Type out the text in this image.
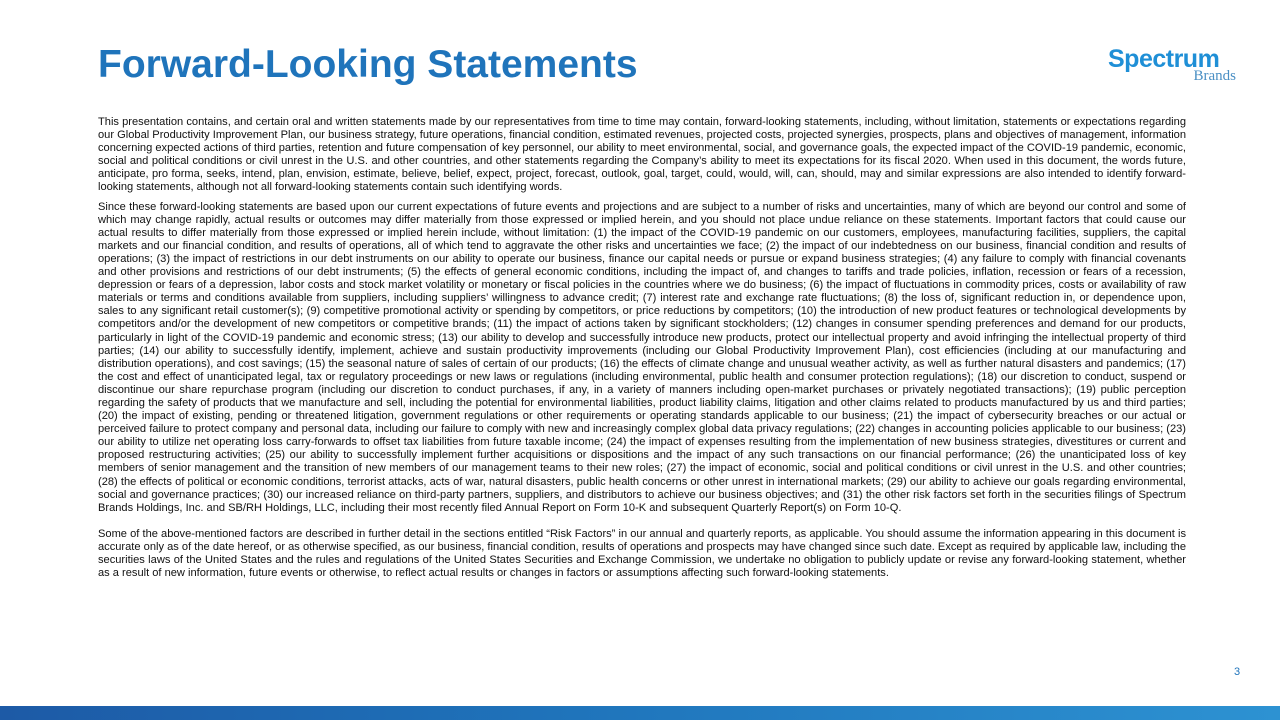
Forward-Looking Statements	Spectrum
Brands

This presentation contains, and certain oral and written statements made by our representatives from time to time may contain, forward-looking statements, including, without limitation, statements or expectations regarding our Global Productivity Improvement Plan, our business strategy, future operations, financial condition, estimated revenues, projected costs, projected synergies, prospects, plans and objectives of management, information concerning expected actions of third parties, retention and future compensation of key personnel, our ability to meet environmental, social, and governance goals, the expected impact of the COVID-19 pandemic, economic, social and political conditions or civil unrest in the U.S. and other countries, and other statements regarding the Company’s ability to meet its expectations for its fiscal 2020. When used in this document, the words future, anticipate, pro forma, seeks, intend, plan, envision, estimate, believe, belief, expect, project, forecast, outlook, goal, target, could, would, will, can, should, may and similar expressions are also intended to identify forward-looking statements, although not all forward-looking statements contain such identifying words.

Since these forward-looking statements are based upon our current expectations of future events and projections and are subject to a number of risks and uncertainties, many of which are beyond our control and some of which may change rapidly, actual results or outcomes may differ materially from those expressed or implied herein, and you should not place undue reliance on these statements. Important factors that could cause our actual results to differ materially from those expressed or implied herein include, without limitation: (1) the impact of the COVID-19 pandemic on our customers, employees, manufacturing facilities, suppliers, the capital markets and our financial condition, and results of operations, all of which tend to aggravate the other risks and uncertainties we face; (2) the impact of our indebtedness on our business, financial condition and results of operations; (3) the impact of restrictions in our debt instruments on our ability to operate our business, finance our capital needs or pursue or expand business strategies; (4) any failure to comply with financial covenants and other provisions and restrictions of our debt instruments; (5) the effects of general economic conditions, including the impact of, and changes to tariffs and trade policies, inflation, recession or fears of a recession, depression or fears of a depression, labor costs and stock market volatility or monetary or fiscal policies in the countries where we do business; (6) the impact of fluctuations in commodity prices, costs or availability of raw materials or terms and conditions available from suppliers, including suppliers’ willingness to advance credit; (7) interest rate and exchange rate fluctuations; (8) the loss of, significant reduction in, or dependence upon, sales to any significant retail customer(s); (9) competitive promotional activity or spending by competitors, or price reductions by competitors; (10) the introduction of new product features or technological developments by competitors and/or the development of new competitors or competitive brands; (11) the impact of actions taken by significant stockholders; (12) changes in consumer spending preferences and demand for our products, particularly in light of the COVID-19 pandemic and economic stress; (13) our ability to develop and successfully introduce new products, protect our intellectual property and avoid infringing the intellectual property of third parties; (14) our ability to successfully identify, implement, achieve and sustain productivity improvements (including our Global Productivity Improvement Plan), cost efficiencies (including at our manufacturing and distribution operations), and cost savings; (15) the seasonal nature of sales of certain of our products; (16) the effects of climate change and unusual weather activity, as well as further natural disasters and pandemics; (17) the cost and effect of unanticipated legal, tax or regulatory proceedings or new laws or regulations (including environmental, public health and consumer protection regulations); (18) our discretion to conduct, suspend or discontinue our share repurchase program (including our discretion to conduct purchases, if any, in a variety of manners including open-market purchases or privately negotiated transactions); (19) public perception regarding the safety of products that we manufacture and sell, including the potential for environmental liabilities, product liability claims, litigation and other claims related to products manufactured by us and third parties; (20) the impact of existing, pending or threatened litigation, government regulations or other requirements or operating standards applicable to our business; (21) the impact of cybersecurity breaches or our actual or perceived failure to protect company and personal data, including our failure to comply with new and increasingly complex global data privacy regulations; (22) changes in accounting policies applicable to our business; (23) our ability to utilize net operating loss carry-forwards to offset tax liabilities from future taxable income; (24) the impact of expenses resulting from the implementation of new business strategies, divestitures or current and proposed restructuring activities; (25) our ability to successfully implement further acquisitions or dispositions and the impact of any such transactions on our financial performance; (26) the unanticipated loss of key members of senior management and the transition of new members of our management teams to their new roles; (27) the impact of economic, social and political conditions or civil unrest in the U.S. and other countries; (28) the effects of political or economic conditions, terrorist attacks, acts of war, natural disasters, public health concerns or other unrest in international markets; (29) our ability to achieve our goals regarding environmental, social and governance practices; (30) our increased reliance on third-party partners, suppliers, and distributors to achieve our business objectives; and (31) the other risk factors set forth in the securities filings of Spectrum Brands Holdings, Inc. and SB/RH Holdings, LLC, including their most recently filed Annual Report on Form 10-K and subsequent Quarterly Report(s) on Form 10-Q.

Some of the above-mentioned factors are described in further detail in the sections entitled “Risk Factors” in our annual and quarterly reports, as applicable. You should assume the information appearing in this document is accurate only as of the date hereof, or as otherwise specified, as our business, financial condition, results of operations and prospects may have changed since such date. Except as required by applicable law, including the securities laws of the United States and the rules and regulations of the United States Securities and Exchange Commission, we undertake no obligation to publicly update or revise any forward-looking statement, whether as a result of new information, future events or otherwise, to reflect actual results or changes in factors or assumptions affecting such forward-looking statements.

3
